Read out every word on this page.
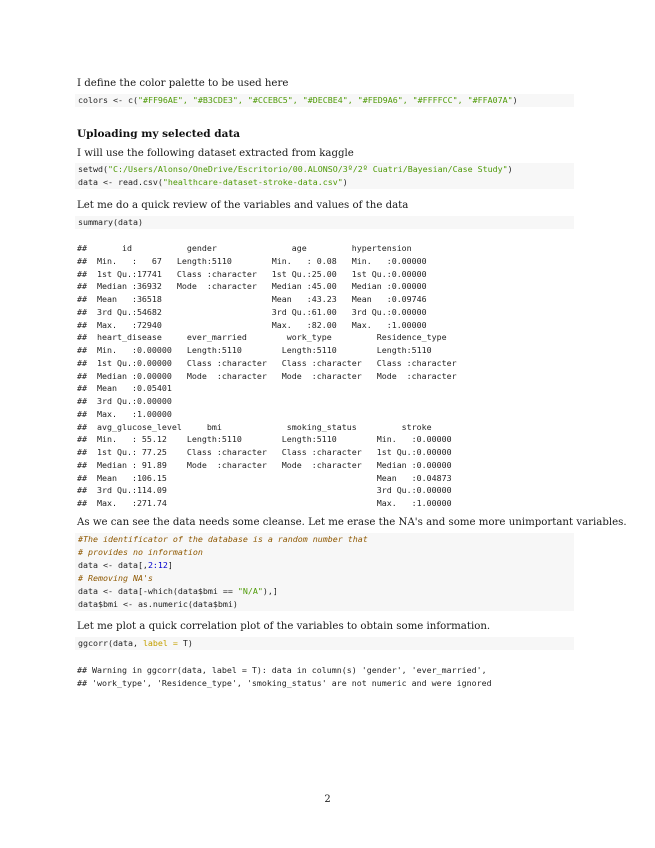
I define the color palette to be used here
colors <- c("#FF96AE", "#B3CDE3", "#CCEBC5", "#DECBE4", "#FED9A6", "#FFFFCC", "#FFA07A")
Uploading my selected data
I will use the following dataset extracted from kaggle
setwd("C:/Users/Alonso/OneDrive/Escritorio/00.ALONSO/3º/2º Cuatri/Bayesian/Case Study")
data <- read.csv("healthcare-dataset-stroke-data.csv")
Let me do a quick review of the variables and values of the data
summary(data)
##       id           gender               age         hypertension
##  Min.   :   67   Length:5110        Min.   : 0.08   Min.   :0.00000
##  1st Qu.:17741   Class :character   1st Qu.:25.00   1st Qu.:0.00000
##  Median :36932   Mode  :character   Median :45.00   Median :0.00000
##  Mean   :36518                      Mean   :43.23   Mean   :0.09746
##  3rd Qu.:54682                      3rd Qu.:61.00   3rd Qu.:0.00000
##  Max.   :72940                      Max.   :82.00   Max.   :1.00000
##  heart_disease     ever_married        work_type         Residence_type
##  Min.   :0.00000   Length:5110        Length:5110        Length:5110
##  1st Qu.:0.00000   Class :character   Class :character   Class :character
##  Median :0.00000   Mode  :character   Mode  :character   Mode  :character
##  Mean   :0.05401
##  3rd Qu.:0.00000
##  Max.   :1.00000
##  avg_glucose_level     bmi             smoking_status         stroke
##  Min.   : 55.12    Length:5110        Length:5110        Min.   :0.00000
##  1st Qu.: 77.25    Class :character   Class :character   1st Qu.:0.00000
##  Median : 91.89    Mode  :character   Mode  :character   Median :0.00000
##  Mean   :106.15                                          Mean   :0.04873
##  3rd Qu.:114.09                                          3rd Qu.:0.00000
##  Max.   :271.74                                          Max.   :1.00000
As we can see the data needs some cleanse. Let me erase the NA's and some more unimportant variables.
#The identificator of the database is a random number that
# provides no information
data <- data[,2:12]
# Removing NA's
data <- data[-which(data$bmi == "N/A"),]
data$bmi <- as.numeric(data$bmi)
Let me plot a quick correlation plot of the variables to obtain some information.
ggcorr(data, label = T)
## Warning in ggcorr(data, label = T): data in column(s) 'gender', 'ever_married',
## 'work_type', 'Residence_type', 'smoking_status' are not numeric and were ignored
2
